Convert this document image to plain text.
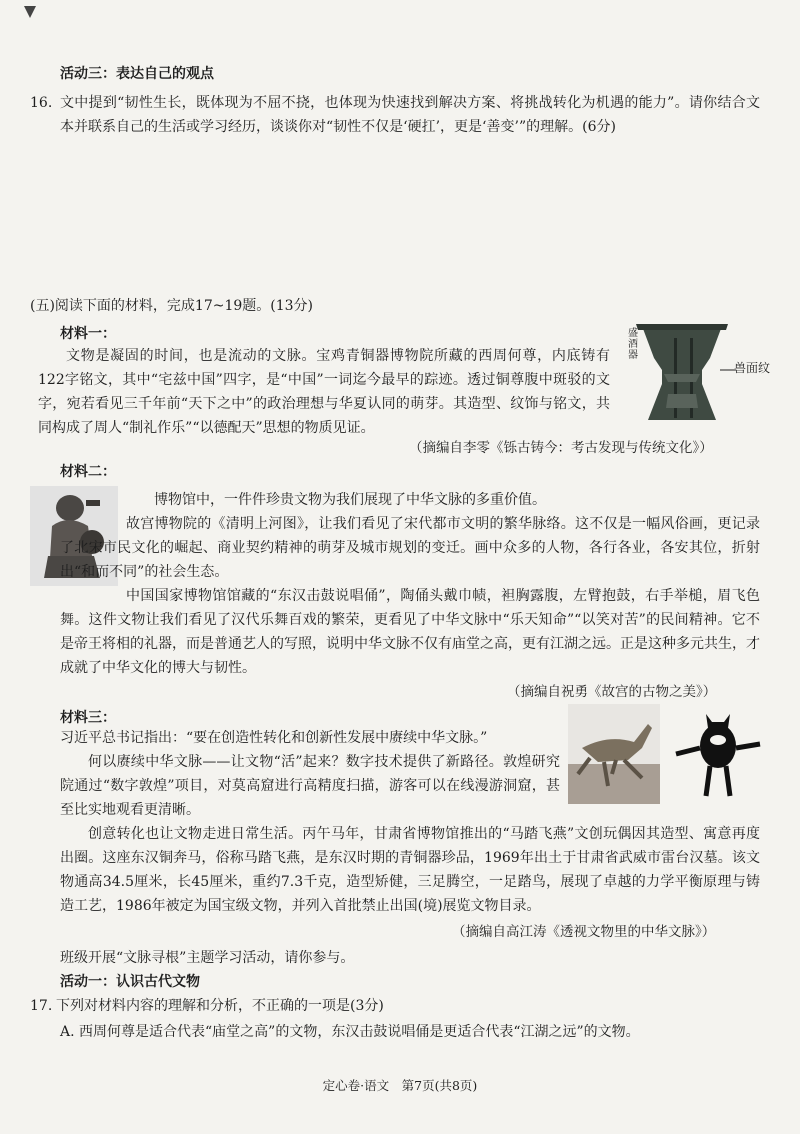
活动三：表达自己的观点
16. 文中提到“韧性生长，既体现为不屈不挠，也体现为快速找到解决方案、将挑战转化为机遇的能力”。请你结合文本并联系自己的生活或学习经历，谈谈你对“韧性不仅是‘硬扛’，更是‘善变’”的理解。(6分)
(五)阅读下面的材料，完成17~19题。(13分)
材料一：
文物是凝固的时间，也是流动的文脉。宝鸡青铜器博物院所藏的西周何尊，内底铸有122字铭文，其中“宅兹中国”四字，是“中国”一词迄今最早的踪迹。透过铜尊腹中斑驳的文字，宛若看见三千年前“天下之中”的政治理想与华夏认同的萌芽。其造型、纹饰与铭文，共同构成了周人“制礼作乐”“以德配天”思想的物质见证。
盛酒器
兽面纹
（摘编自李零《铄古铸今：考古发现与传统文化》）
材料二：
博物馆中，一件件珍贵文物为我们展现了中华文脉的多重价值。
故宫博物院的《清明上河图》，让我们看见了宋代都市文明的繁华脉络。这不仅是一幅风俗画，更记录了北宋市民文化的崛起、商业契约精神的萌芽及城市规划的变迁。画中众多的人物，各行各业，各安其位，折射出“和而不同”的社会生态。
中国国家博物馆馆藏的“东汉击鼓说唱俑”，陶俑头戴巾帻，袒胸露腹，左臂抱鼓，右手举槌，眉飞色舞。这件文物让我们看见了汉代乐舞百戏的繁荣，更看见了中华文脉中“乐天知命”“以笑对苦”的民间精神。它不是帝王将相的礼器，而是普通艺人的写照，说明中华文脉不仅有庙堂之高，更有江湖之远。正是这种多元共生，才成就了中华文化的博大与韧性。
（摘编自祝勇《故宫的古物之美》）
材料三：
习近平总书记指出：“要在创造性转化和创新性发展中赓续中华文脉。”
何以赓续中华文脉——让文物“活”起来？数字技术提供了新路径。敦煌研究院通过“数字敦煌”项目，对莫高窟进行高精度扫描，游客可以在线漫游洞窟，甚至比实地观看更清晰。
创意转化也让文物走进日常生活。丙午马年，甘肃省博物馆推出的“马踏飞燕”文创玩偶因其造型、寓意再度出圈。这座东汉铜奔马，俗称马踏飞燕，是东汉时期的青铜器珍品，1969年出土于甘肃省武威市雷台汉墓。该文物通高34.5厘米，长45厘米，重约7.3千克，造型矫健，三足腾空，一足踏鸟，展现了卓越的力学平衡原理与铸造工艺，1986年被定为国宝级文物，并列入首批禁止出国(境)展览文物目录。
（摘编自高江涛《透视文物里的中华文脉》）
班级开展“文脉寻根”主题学习活动，请你参与。
活动一：认识古代文物
17. 下列对材料内容的理解和分析，不正确的一项是(3分)
A. 西周何尊是适合代表“庙堂之高”的文物，东汉击鼓说唱俑是更适合代表“江湖之远”的文物。
定心卷·语文　第7页(共8页)
